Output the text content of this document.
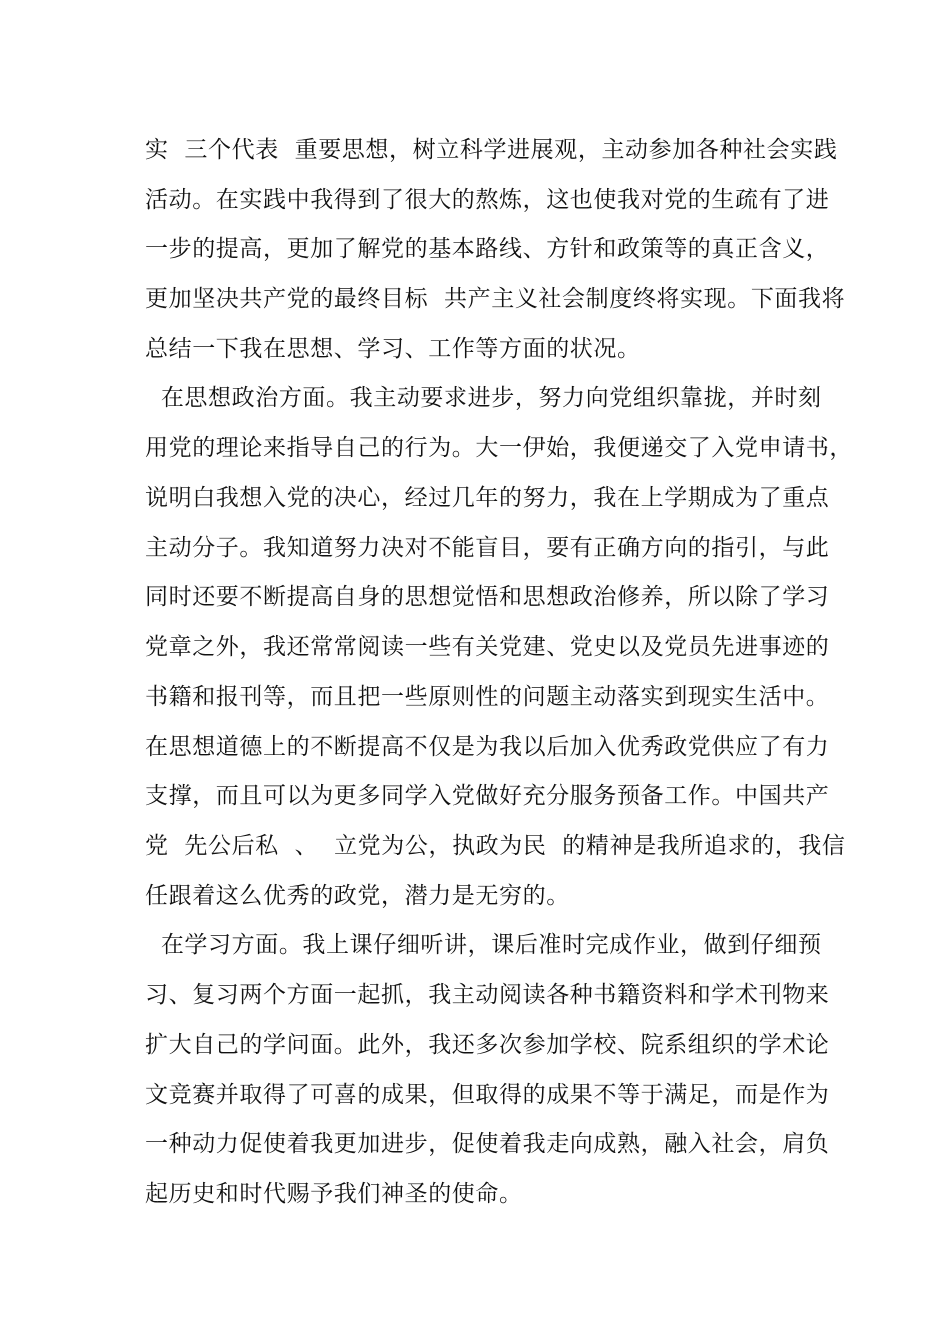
实  三个代表  重要思想，树立科学进展观，主动参加各种社会实践
活动。在实践中我得到了很大的熬炼，这也使我对党的生疏有了进
一步的提高，更加了解党的基本路线、方针和政策等的真正含义，
更加坚决共产党的最终目标  共产主义社会制度终将实现。下面我将
总结一下我在思想、学习、工作等方面的状况。
在思想政治方面。我主动要求进步，努力向党组织靠拢，并时刻
用党的理论来指导自己的行为。大一伊始，我便递交了入党申请书，
说明白我想入党的决心，经过几年的努力，我在上学期成为了重点
主动分子。我知道努力决对不能盲目，要有正确方向的指引，与此
同时还要不断提高自身的思想觉悟和思想政治修养，所以除了学习
党章之外，我还常常阅读一些有关党建、党史以及党员先进事迹的
书籍和报刊等，而且把一些原则性的问题主动落实到现实生活中。
在思想道德上的不断提高不仅是为我以后加入优秀政党供应了有力
支撑，而且可以为更多同学入党做好充分服务预备工作。中国共产
党  先公后私  、  立党为公，执政为民  的精神是我所追求的，我信
任跟着这么优秀的政党，潜力是无穷的。
在学习方面。我上课仔细听讲，课后准时完成作业，做到仔细预
习、复习两个方面一起抓，我主动阅读各种书籍资料和学术刊物来
扩大自己的学问面。此外，我还多次参加学校、院系组织的学术论
文竞赛并取得了可喜的成果，但取得的成果不等于满足，而是作为
一种动力促使着我更加进步，促使着我走向成熟，融入社会，肩负
起历史和时代赐予我们神圣的使命。
